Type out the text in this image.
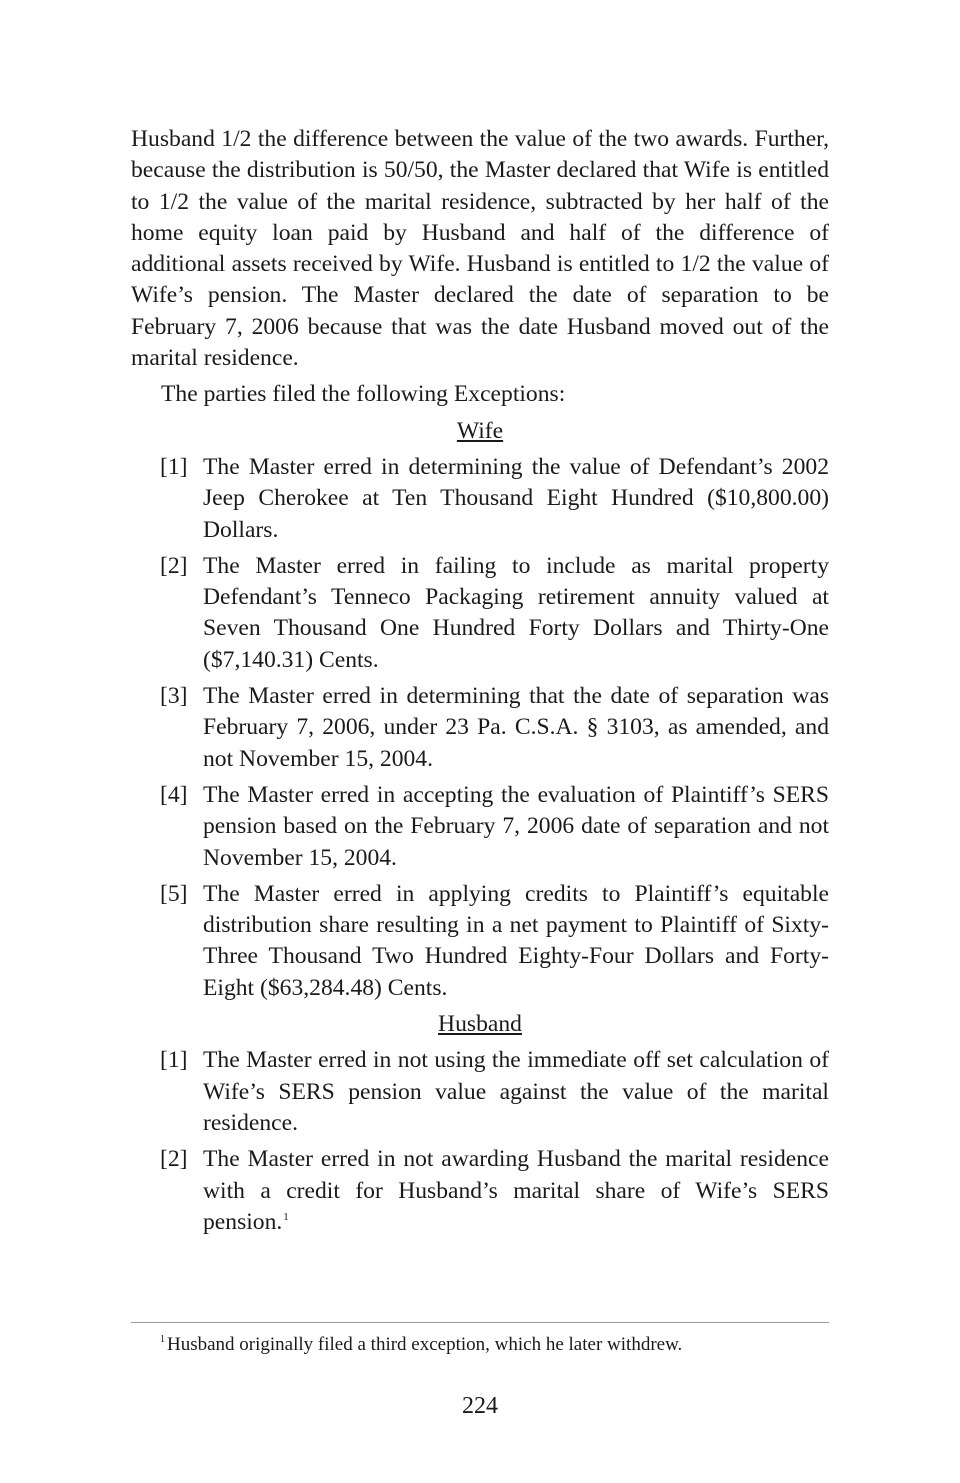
Husband 1/2 the difference between the value of the two awards. Further, because the distribution is 50/50, the Master declared that Wife is entitled to 1/2 the value of the marital residence, subtracted by her half of the home equity loan paid by Husband and half of the difference of additional assets received by Wife. Husband is entitled to 1/2 the value of Wife’s pension. The Master declared the date of separation to be February 7, 2006 because that was the date Husband moved out of the marital residence.

The parties filed the following Exceptions:

Wife
[1] The Master erred in determining the value of Defendant’s 2002 Jeep Cherokee at Ten Thousand Eight Hundred ($10,800.00) Dollars.
[2] The Master erred in failing to include as marital property Defendant’s Tenneco Packaging retirement annuity valued at Seven Thousand One Hundred Forty Dollars and Thirty-One ($7,140.31) Cents.
[3] The Master erred in determining that the date of separation was February 7, 2006, under 23 Pa. C.S.A. § 3103, as amended, and not November 15, 2004.
[4] The Master erred in accepting the evaluation of Plaintiff’s SERS pension based on the February 7, 2006 date of separation and not November 15, 2004.
[5] The Master erred in applying credits to Plaintiff’s equitable distribution share resulting in a net payment to Plaintiff of Sixty-Three Thousand Two Hundred Eighty-Four Dollars and Forty-Eight ($63,284.48) Cents.
Husband
[1] The Master erred in not using the immediate off set calculation of Wife’s SERS pension value against the value of the marital residence.
[2] The Master erred in not awarding Husband the marital residence with a credit for Husband’s marital share of Wife’s SERS pension.$^1$
$^1$ Husband originally filed a third exception, which he later withdrew.
224
